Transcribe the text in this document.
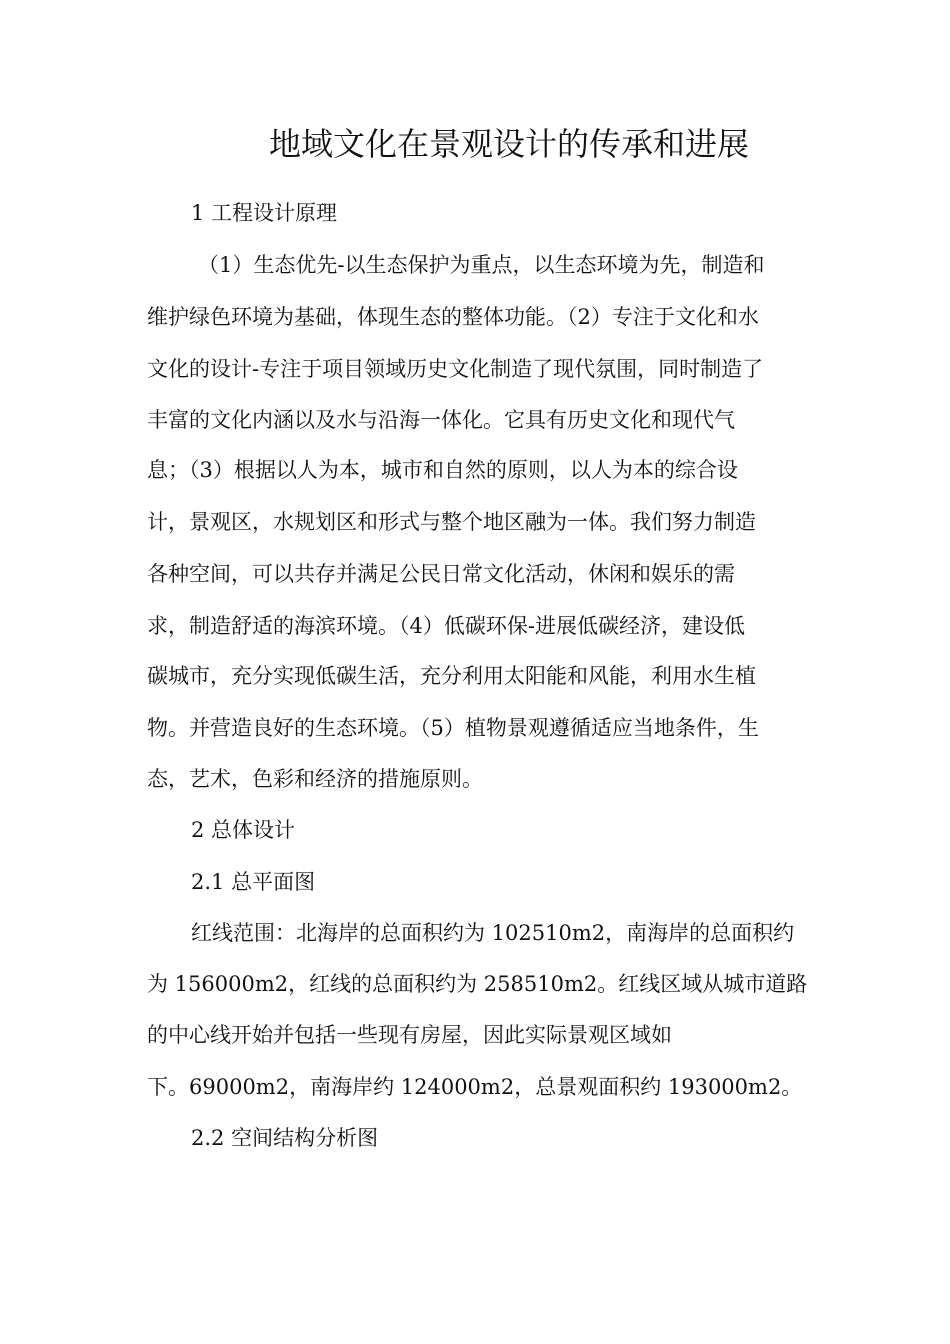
地域文化在景观设计的传承和进展
1 工程设计原理
（1）生态优先-以生态保护为重点，以生态环境为先，制造和
维护绿色环境为基础，体现生态的整体功能。（2）专注于文化和水
文化的设计-专注于项目领域历史文化制造了现代氛围，同时制造了
丰富的文化内涵以及水与沿海一体化。它具有历史文化和现代气
息；（3）根据以人为本，城市和自然的原则，以人为本的综合设
计，景观区，水规划区和形式与整个地区融为一体。我们努力制造
各种空间，可以共存并满足公民日常文化活动，休闲和娱乐的需
求，制造舒适的海滨环境。（4）低碳环保-进展低碳经济，建设低
碳城市，充分实现低碳生活，充分利用太阳能和风能，利用水生植
物。并营造良好的生态环境。（5）植物景观遵循适应当地条件，生
态，艺术，色彩和经济的措施原则。
2 总体设计
2.1 总平面图
红线范围：北海岸的总面积约为 102510m2，南海岸的总面积约
为 156000m2，红线的总面积约为 258510m2。红线区域从城市道路
的中心线开始并包括一些现有房屋，因此实际景观区域如
下。69000m2，南海岸约 124000m2，总景观面积约 193000m2。
2.2 空间结构分析图
